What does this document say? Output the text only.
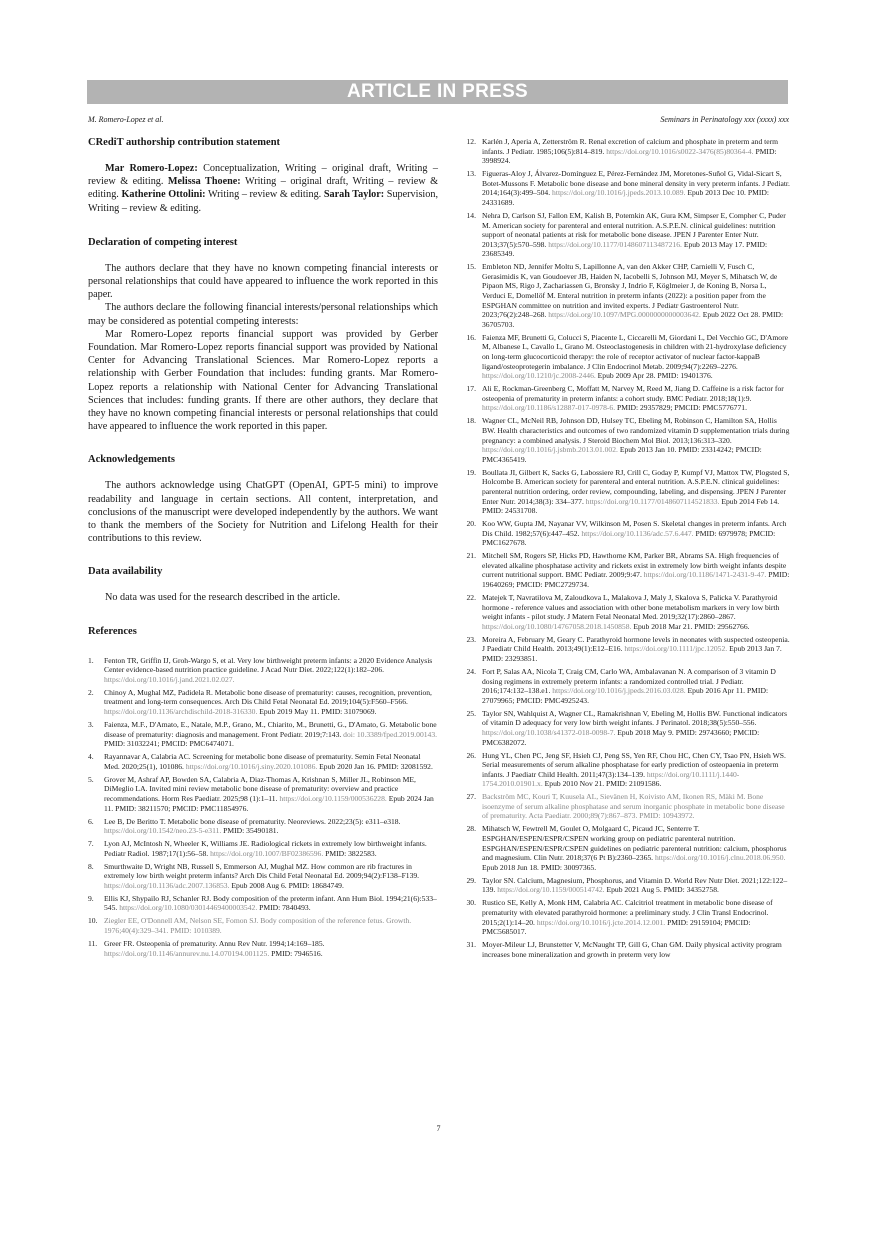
ARTICLE IN PRESS
M. Romero-Lopez et al.	Seminars in Perinatology xxx (xxxx) xxx
CRediT authorship contribution statement

Mar Romero-Lopez: Conceptualization, Writing – original draft, Writing – review & editing. Melissa Thoene: Writing – original draft, Writing – review & editing. Katherine Ottolini: Writing – review & editing. Sarah Taylor: Supervision, Writing – review & editing.

Declaration of competing interest

The authors declare that they have no known competing financial interests or personal relationships that could have appeared to influence the work reported in this paper.

The authors declare the following financial interests/personal relationships which may be considered as potential competing interests:

Mar Romero-Lopez reports financial support was provided by Gerber Foundation. Mar Romero-Lopez reports financial support was provided by National Center for Advancing Translational Sciences. Mar Romero-Lopez reports a relationship with Gerber Foundation that includes: funding grants. Mar Romero-Lopez reports a relationship with National Center for Advancing Translational Sciences that includes: funding grants. If there are other authors, they declare that they have no known competing financial interests or personal relationships that could have appeared to influence the work reported in this paper.

Acknowledgements

The authors acknowledge using ChatGPT (OpenAI, GPT-5 mini) to improve readability and language in certain sections. All content, interpretation, and conclusions of the manuscript were developed independently by the authors. We want to thank the members of the Society for Nutrition and Lifelong Health for their contributions to this review.

Data availability

No data was used for the research described in the article.

References
1.	Fenton TR, Griffin IJ, Groh-Wargo S, et al. Very low birthweight preterm infants: a 2020 Evidence Analysis Center evidence-based nutrition practice guideline. J Acad Nutr Diet. 2022;122(1):182–206. https://doi.org/10.1016/j.jand.2021.02.027.
2.	Chinoy A, Mughal MZ, Padidela R. Metabolic bone disease of prematurity: causes, recognition, prevention, treatment and long-term consequences. Arch Dis Child Fetal Neonatal Ed. 2019;104(5):F560–F566. https://doi.org/10.1136/archdischild-2018-316330. Epub 2019 May 11. PMID: 31079069.
3.	Faienza, M.F., D'Amato, E., Natale, M.P., Grano, M., Chiarito, M., Brunetti, G., D'Amato, G. Metabolic bone disease of prematurity: diagnosis and management. Front Pediatr. 2019;7:143. doi: 10.3389/fped.2019.00143. PMID: 31032241; PMCID: PMC6474071.
4.	Rayannavar A, Calabria AC. Screening for metabolic bone disease of prematurity. Semin Fetal Neonatal Med. 2020;25(1), 101086. https://doi.org/10.1016/j.siny.2020.101086. Epub 2020 Jan 16. PMID: 32081592.
5.	Grover M, Ashraf AP, Bowden SA, Calabria A, Diaz-Thomas A, Krishnan S, Miller JL, Robinson ME, DiMeglio LA. Invited mini review metabolic bone disease of prematurity: overview and practice recommendations. Horm Res Paediatr. 2025;98 (1):1–11. https://doi.org/10.1159/000536228. Epub 2024 Jan 11. PMID: 38211570; PMCID: PMC11854976.
6.	Lee B, De Beritto T. Metabolic bone disease of prematurity. Neoreviews. 2022;23(5): e311–e318. https://doi.org/10.1542/neo.23-5-e311. PMID: 35490181.
7.	Lyon AJ, McIntosh N, Wheeler K, Williams JE. Radiological rickets in extremely low birthweight infants. Pediatr Radiol. 1987;17(1):56–58. https://doi.org/10.1007/BF02386596. PMID: 3822583.
8.	Smurthwaite D, Wright NB, Russell S, Emmerson AJ, Mughal MZ. How common are rib fractures in extremely low birth weight preterm infants? Arch Dis Child Fetal Neonatal Ed. 2009;94(2):F138–F139. https://doi.org/10.1136/adc.2007.136853. Epub 2008 Aug 6. PMID: 18684749.
9.	Ellis KJ, Shypailo RJ, Schanler RJ. Body composition of the preterm infant. Ann Hum Biol. 1994;21(6):533–545. https://doi.org/10.1080/03014469400003542. PMID: 7840493.
10. Ziegler EE, O'Donnell AM, Nelson SE, Fomon SJ. Body composition of the reference fetus. Growth. 1976;40(4):329–341. PMID: 1010389.
11. Greer FR. Osteopenia of prematurity. Annu Rev Nutr. 1994;14:169–185. https://doi.org/10.1146/annurev.nu.14.070194.001125. PMID: 7946516.
12. Karlén J, Aperia A, Zetterström R. Renal excretion of calcium and phosphate in preterm and term infants. J Pediatr. 1985;106(5):814–819. https://doi.org/10.1016/s0022-3476(85)80364-4. PMID: 3998924.
13. Figueras-Aloy J, Álvarez-Domínguez E, Pérez-Fernández JM, Moretones-Suñol G, Vidal-Sicart S, Botet-Mussons F. Metabolic bone disease and bone mineral density in very preterm infants. J Pediatr. 2014;164(3):499–504. https://doi.org/10.1016/j.jpeds.2013.10.089. Epub 2013 Dec 10. PMID: 24331689.
14. Nehra D, Carlson SJ, Fallon EM, Kalish B, Potemkin AK, Gura KM, Simpser E, Compher C, Puder M. American society for parenteral and enteral nutrition. A.S.P.E.N. clinical guidelines: nutrition support of neonatal patients at risk for metabolic bone disease. JPEN J Parenter Enter Nutr. 2013;37(5):570–598. https://doi.org/10.1177/0148607113487216. Epub 2013 May 17. PMID: 23685349.
15. Embleton ND, Jennifer Moltu S, Lapillonne A, van den Akker CHP, Carnielli V, Fusch C, Gerasimidis K, van Goudoever JB, Haiden N, Iacobelli S, Johnson MJ, Meyer S, Mihatsch W, de Pipaon MS, Rigo J, Zachariassen G, Bronsky J, Indrio F, Köglmeier J, de Koning B, Norsa L, Verduci E, Domellöf M. Enteral nutrition in preterm infants (2022): a position paper from the ESPGHAN committee on nutrition and invited experts. J Pediatr Gastroenterol Nutr. 2023;76(2):248–268. https://doi.org/10.1097/MPG.0000000000003642. Epub 2022 Oct 28. PMID: 36705703.
16. Faienza MF, Brunetti G, Colucci S, Piacente L, Ciccarelli M, Giordani L, Del Vecchio GC, D'Amore M, Albanese L, Cavallo L, Grano M. Osteoclastogenesis in children with 21-hydroxylase deficiency on long-term glucocorticoid therapy: the role of receptor activator of nuclear factor-kappaB ligand/osteoprotegerin imbalance. J Clin Endocrinol Metab. 2009;94(7):2269–2276. https://doi.org/10.1210/jc.2008-2446. Epub 2009 Apr 28. PMID: 19401376.
17. Ali E, Rockman-Greenberg C, Moffatt M, Narvey M, Reed M, Jiang D. Caffeine is a risk factor for osteopenia of prematurity in preterm infants: a cohort study. BMC Pediatr. 2018;18(1):9. https://doi.org/10.1186/s12887-017-0978-6. PMID: 29357829; PMCID: PMC5776771.
18. Wagner CL, McNeil RB, Johnson DD, Hulsey TC, Ebeling M, Robinson C, Hamilton SA, Hollis BW. Health characteristics and outcomes of two randomized vitamin D supplementation trials during pregnancy: a combined analysis. J Steroid Biochem Mol Biol. 2013;136:313–320. https://doi.org/10.1016/j.jsbmb.2013.01.002. Epub 2013 Jan 10. PMID: 23314242; PMCID: PMC4365419.
19. Boullata JI, Gilbert K, Sacks G, Labossiere RJ, Crill C, Goday P, Kumpf VJ, Mattox TW, Plogsted S, Holcombe B. American society for parenteral and enteral nutrition. A.S.P.E.N. clinical guidelines: parenteral nutrition ordering, order review, compounding, labeling, and dispensing. JPEN J Parenter Enter Nutr. 2014;38(3): 334–377. https://doi.org/10.1177/0148607114521833. Epub 2014 Feb 14. PMID: 24531708.
20. Koo WW, Gupta JM, Nayanar VV, Wilkinson M, Posen S. Skeletal changes in preterm infants. Arch Dis Child. 1982;57(6):447–452. https://doi.org/10.1136/adc.57.6.447. PMID: 6979978; PMCID: PMC1627678.
21. Mitchell SM, Rogers SP, Hicks PD, Hawthorne KM, Parker BR, Abrams SA. High frequencies of elevated alkaline phosphatase activity and rickets exist in extremely low birth weight infants despite current nutritional support. BMC Pediatr. 2009;9:47. https://doi.org/10.1186/1471-2431-9-47. PMID: 19640269; PMCID: PMC2729734.
22. Matejek T, Navratilova M, Zaloudkova L, Malakova J, Maly J, Skalova S, Palicka V. Parathyroid hormone - reference values and association with other bone metabolism markers in very low birth weight infants - pilot study. J Matern Fetal Neonatal Med. 2019;32(17):2860–2867. https://doi.org/10.1080/14767058.2018.1450858. Epub 2018 Mar 21. PMID: 29562766.
23. Moreira A, February M, Geary C. Parathyroid hormone levels in neonates with suspected osteopenia. J Paediatr Child Health. 2013;49(1):E12–E16. https://doi.org/10.1111/jpc.12052. Epub 2013 Jan 7. PMID: 23293851.
24. Fort P, Salas AA, Nicola T, Craig CM, Carlo WA, Ambalavanan N. A comparison of 3 vitamin D dosing regimens in extremely preterm infants: a randomized controlled trial. J Pediatr. 2016;174:132–138.e1. https://doi.org/10.1016/j.jpeds.2016.03.028. Epub 2016 Apr 11. PMID: 27079965; PMCID: PMC4925243.
25. Taylor SN, Wahlquist A, Wagner CL, Ramakrishnan V, Ebeling M, Hollis BW. Functional indicators of vitamin D adequacy for very low birth weight infants. J Perinatol. 2018;38(5):550–556. https://doi.org/10.1038/s41372-018-0098-7. Epub 2018 May 9. PMID: 29743660; PMCID: PMC6382072.
26. Hung YL, Chen PC, Jeng SF, Hsieh CJ, Peng SS, Yen RF, Chou HC, Chen CY, Tsao PN, Hsieh WS. Serial measurements of serum alkaline phosphatase for early prediction of osteopaenia in preterm infants. J Paediatr Child Health. 2011;47(3):134–139. https://doi.org/10.1111/j.1440-1754.2010.01901.x. Epub 2010 Nov 21. PMID: 21091586.
27. Backström MC, Kouri T, Kuusela AL, Sievänen H, Koivisto AM, Ikonen RS, Mäki M. Bone isoenzyme of serum alkaline phosphatase and serum inorganic phosphate in metabolic bone disease of prematurity. Acta Paediatr. 2000;89(7):867–873. PMID: 10943972.
28. Mihatsch W, Fewtrell M, Goulet O, Molgaard C, Picaud JC, Senterre T. ESPGHAN/ESPEN/ESPR/CSPEN working group on pediatric parenteral nutrition. ESPGHAN/ESPEN/ESPR/CSPEN guidelines on pediatric parenteral nutrition: calcium, phosphorus and magnesium. Clin Nutr. 2018;37(6 Pt B):2360–2365. https://doi.org/10.1016/j.clnu.2018.06.950. Epub 2018 Jun 18. PMID: 30097365.
29. Taylor SN. Calcium, Magnesium, Phosphorus, and Vitamin D. World Rev Nutr Diet. 2021;122:122–139. https://doi.org/10.1159/000514742. Epub 2021 Aug 5. PMID: 34352758.
30. Rustico SE, Kelly A, Monk HM, Calabria AC. Calcitriol treatment in metabolic bone disease of prematurity with elevated parathyroid hormone: a preliminary study. J Clin Transl Endocrinol. 2015;2(1):14–20. https://doi.org/10.1016/j.jcte.2014.12.001. PMID: 29159104; PMCID: PMC5685017.
31. Moyer-Mileur LJ, Brunstetter V, McNaught TP, Gill G, Chan GM. Daily physical activity program increases bone mineralization and growth in preterm very low
7
